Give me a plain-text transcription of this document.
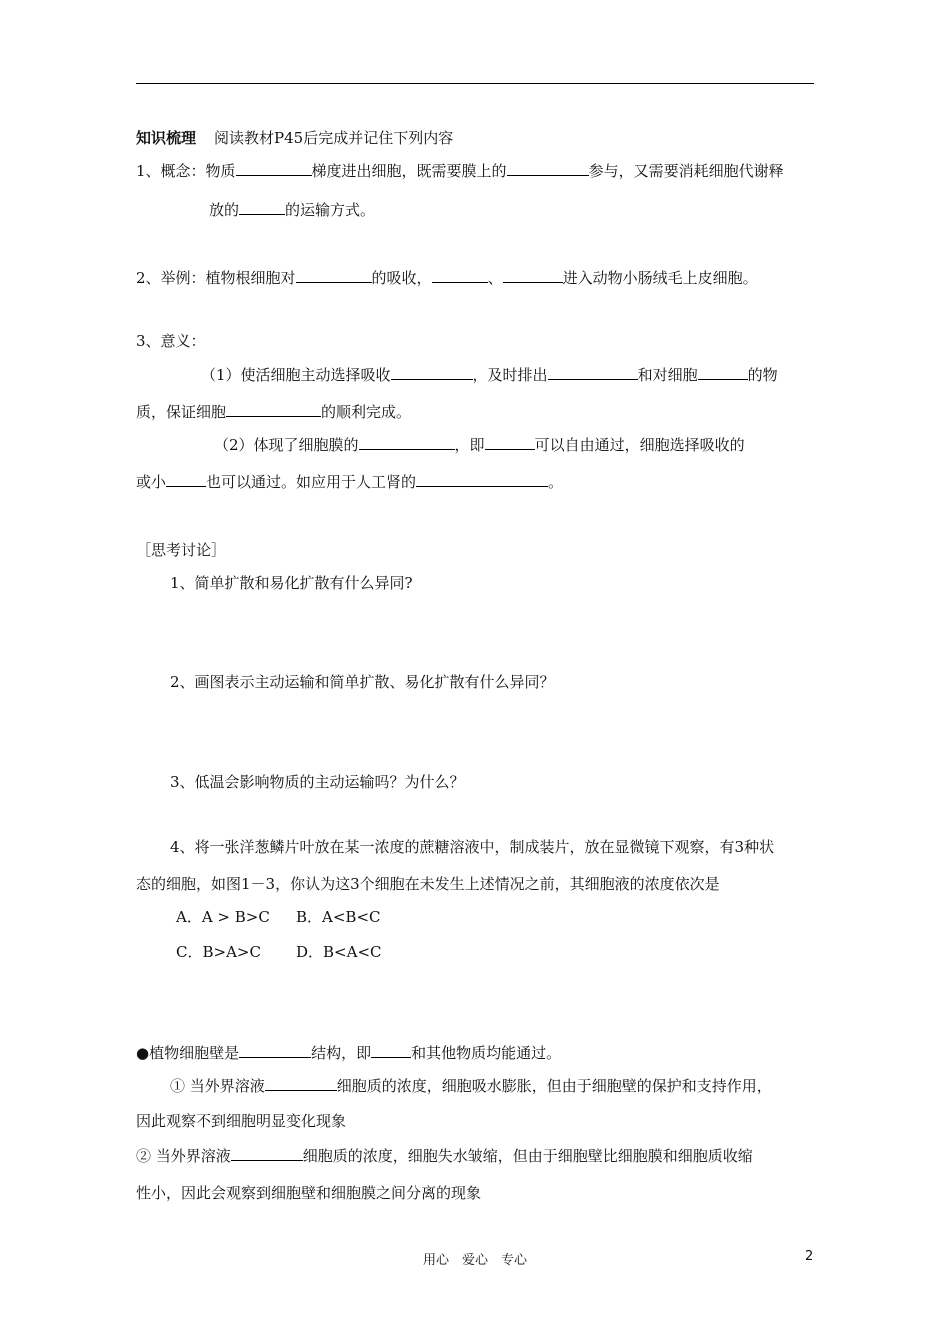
知识梳理 阅读教材P45后完成并记住下列内容
1、概念：物质	梯度进出细胞，既需要膜上的	参与，又需要消耗细胞代谢释
放的	的运输方式。
2、举例：植物根细胞对	的吸收，	、	进入动物小肠绒毛上皮细胞。
3、意义：
（1）使活细胞主动选择吸收	，及时排出	和对细胞	的物
质，保证细胞	的顺利完成。
（2）体现了细胞膜的	，即	可以自由通过，细胞选择吸收的
或小	也可以通过。如应用于人工肾的	。
［思考讨论］
1、简单扩散和易化扩散有什么异同?
2、画图表示主动运输和简单扩散、易化扩散有什么异同？
3、低温会影响物质的主动运输吗？为什么？
4、将一张洋葱鳞片叶放在某一浓度的蔗糖溶液中，制成装片，放在显微镜下观察，有3种状
态的细胞，如图1－3，你认为这3个细胞在未发生上述情况之前，其细胞液的浓度依次是
A．A > B>C B．A<B<C
C．B>A>C D．B<A<C
●植物细胞壁是	结构，即	和其他物质均能通过。
① 当外界溶液	细胞质的浓度，细胞吸水膨胀，但由于细胞壁的保护和支持作用，
因此观察不到细胞明显变化现象
② 当外界溶液	细胞质的浓度，细胞失水皱缩，但由于细胞壁比细胞膜和细胞质收缩
性小，因此会观察到细胞壁和细胞膜之间分离的现象
用心　爱心　专心	2
